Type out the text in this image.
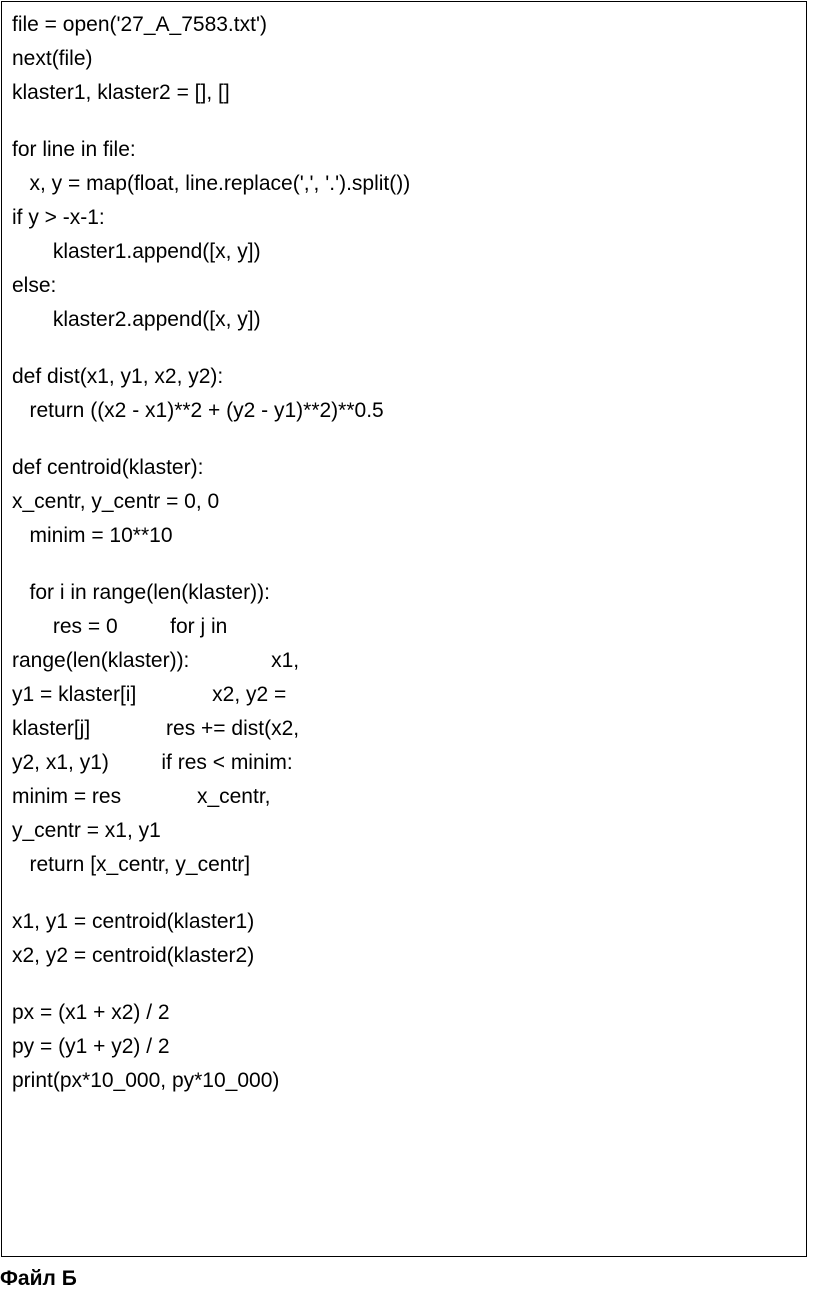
file = open('27_A_7583.txt')

next(file)

klaster1, klaster2 = [], []

for line in file:

x, y = map(float, line.replace(',', '.').split())

if y > -x-1:

klaster1.append([x, y])

else:

klaster2.append([x, y])

def dist(x1, y1, x2, y2):

return ((x2 - x1)**2 + (y2 - y1)**2)**0.5

def centroid(klaster):

x_centr, y_centr = 0, 0

minim = 10**10

for i in range(len(klaster)):

res = 0         for j in

range(len(klaster)):              x1,

y1 = klaster[i]             x2, y2 =

klaster[j]             res += dist(x2,

y2, x1, y1)         if res < minim:

minim = res             x_centr,

y_centr = x1, y1

return [x_centr, y_centr]

x1, y1 = centroid(klaster1)

x2, y2 = centroid(klaster2)

px = (x1 + x2) / 2

py = (y1 + y2) / 2

print(px*10_000, py*10_000)

Файл Б
